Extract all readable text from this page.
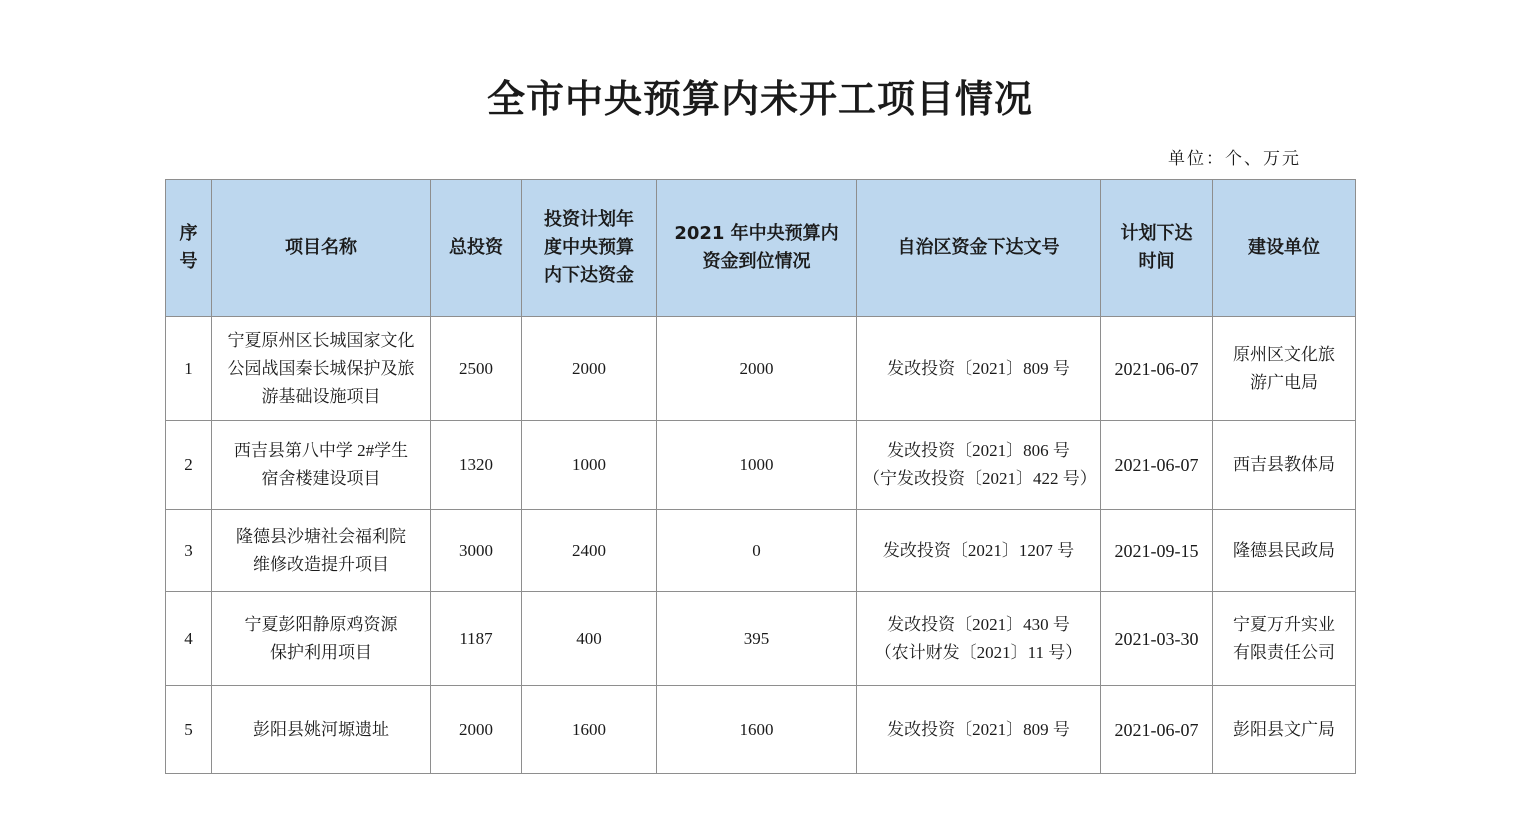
全市中央预算内未开工项目情况
单位：个、万元
序
号	项目名称	总投资	投资计划年
度中央预算
内下达资金	2021 年中央预算内
资金到位情况	自治区资金下达文号	计划下达
时间	建设单位
1	宁夏原州区长城国家文化
公园战国秦长城保护及旅
游基础设施项目	2500	2000	2000	发改投资〔2021〕809 号	2021-06-07	原州区文化旅
游广电局
2	西吉县第八中学 2#学生
宿舍楼建设项目	1320	1000	1000	发改投资〔2021〕806 号
（宁发改投资〔2021〕422 号）	2021-06-07	西吉县教体局
3	隆德县沙塘社会福利院
维修改造提升项目	3000	2400	0	发改投资〔2021〕1207 号	2021-09-15	隆德县民政局
4	宁夏彭阳静原鸡资源
保护利用项目	1187	400	395	发改投资〔2021〕430 号
（农计财发〔2021〕11 号）	2021-03-30	宁夏万升实业
有限责任公司
5	彭阳县姚河塬遗址	2000	1600	1600	发改投资〔2021〕809 号	2021-06-07	彭阳县文广局
